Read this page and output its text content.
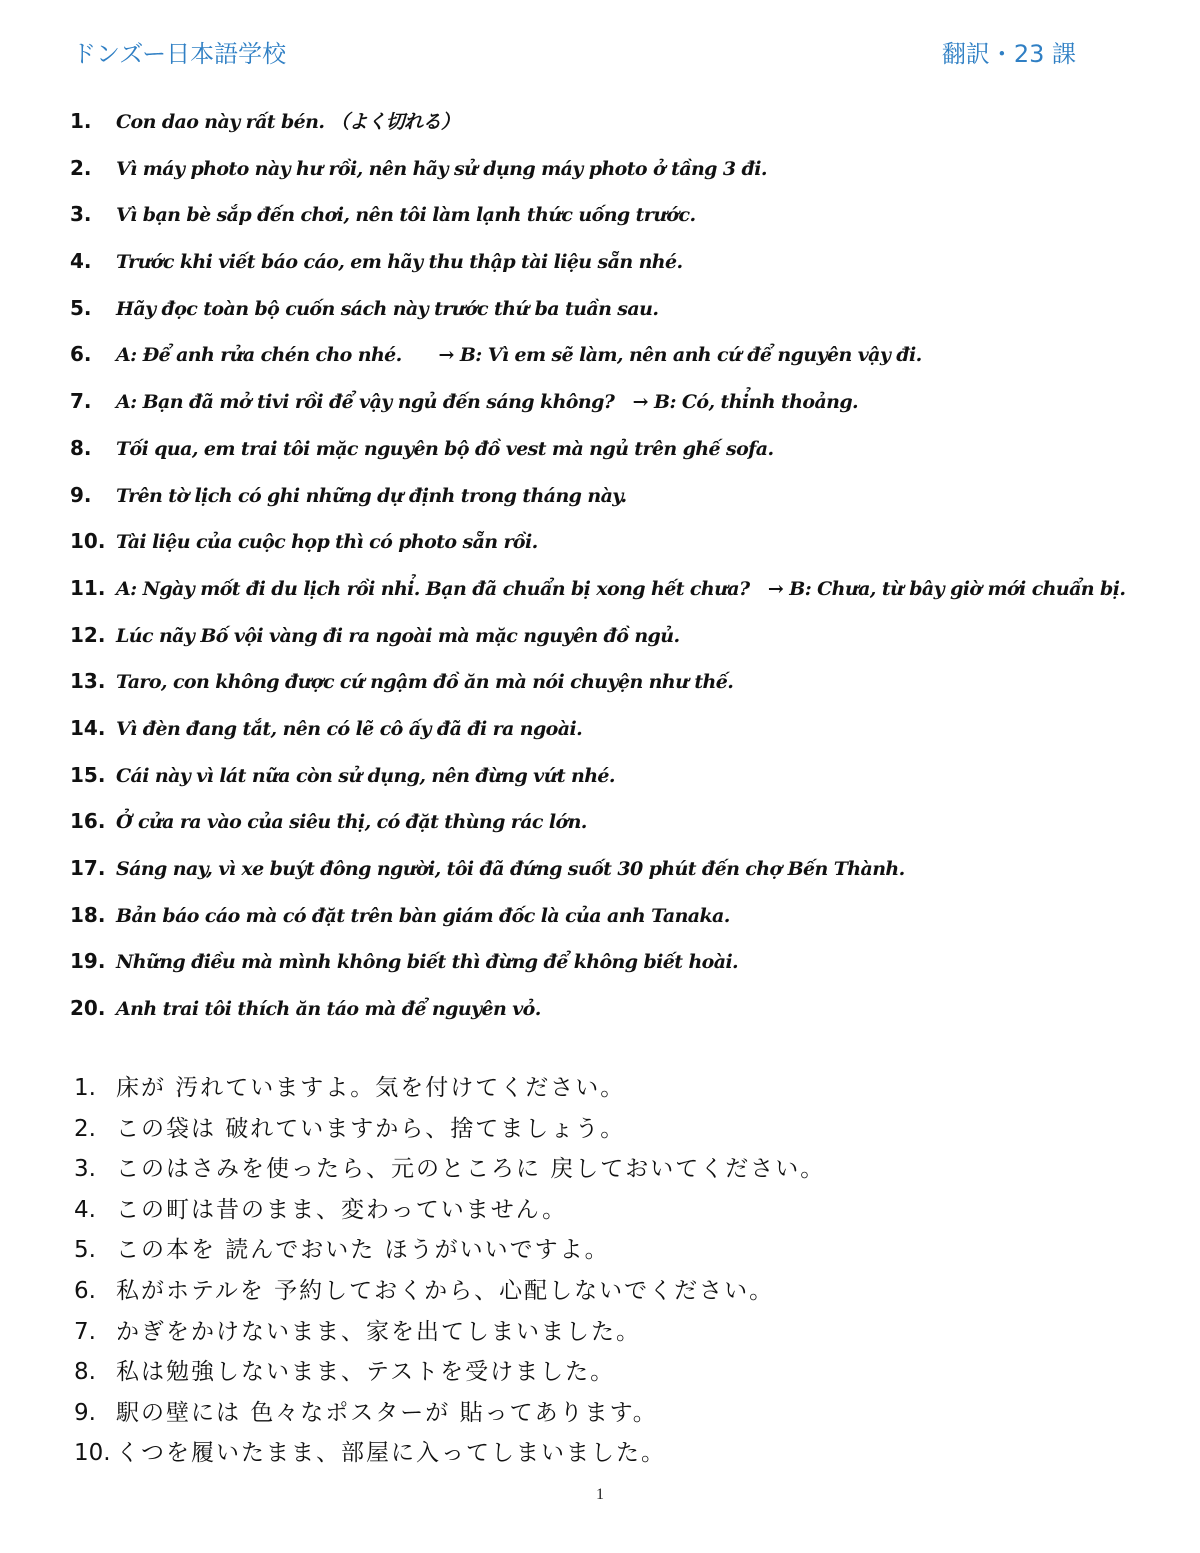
ドンズー日本語学校	翻訳・23 課
1. Con dao này rất bén. （よく切れる）
2. Vì máy photo này hư rồi, nên hãy sử dụng máy photo ở tầng 3 đi.
3. Vì bạn bè sắp đến chơi, nên tôi làm lạnh thức uống trước.
4. Trước khi viết báo cáo, em hãy thu thập tài liệu sẵn nhé.
5. Hãy đọc toàn bộ cuốn sách này trước thứ ba tuần sau.
6. A: Để anh rửa chén cho nhé.　　→ B: Vì em sẽ làm, nên anh cứ để nguyên vậy đi.
7. A: Bạn đã mở tivi rồi để vậy ngủ đến sáng không?　→ B: Có, thỉnh thoảng.
8. Tối qua, em trai tôi mặc nguyên bộ đồ vest mà ngủ trên ghế sofa.
9. Trên tờ lịch có ghi những dự định trong tháng này.
10. Tài liệu của cuộc họp thì có photo sẵn rồi.
11. A: Ngày mốt đi du lịch rồi nhỉ. Bạn đã chuẩn bị xong hết chưa?　→ B: Chưa, từ bây giờ mới chuẩn bị.
12. Lúc nãy Bố vội vàng đi ra ngoài mà mặc nguyên đồ ngủ.
13. Taro, con không được cứ ngậm đồ ăn mà nói chuyện như thế.
14. Vì đèn đang tắt, nên có lẽ cô ấy đã đi ra ngoài.
15. Cái này vì lát nữa còn sử dụng, nên đừng vứt nhé.
16. Ở cửa ra vào của siêu thị, có đặt thùng rác lớn.
17. Sáng nay, vì xe buýt đông người, tôi đã đứng suốt 30 phút đến chợ Bến Thành.
18. Bản báo cáo mà có đặt trên bàn giám đốc là của anh Tanaka.
19. Những điều mà mình không biết thì đừng để không biết hoài.
20. Anh trai tôi thích ăn táo mà để nguyên vỏ.
1. 床が 汚れていますよ。気を付けてください。
2. この袋は 破れていますから、捨てましょう。
3. このはさみを使ったら、元のところに 戻しておいてください。
4. この町は昔のまま、変わっていません。
5. この本を 読んでおいた ほうがいいですよ。
6. 私がホテルを 予約しておくから、心配しないでください。
7. かぎをかけないまま、家を出てしまいました。
8. 私は勉強しないまま、テストを受けました。
9. 駅の壁には 色々なポスターが 貼ってあります。
10. くつを履いたまま、部屋に入ってしまいました。
1
